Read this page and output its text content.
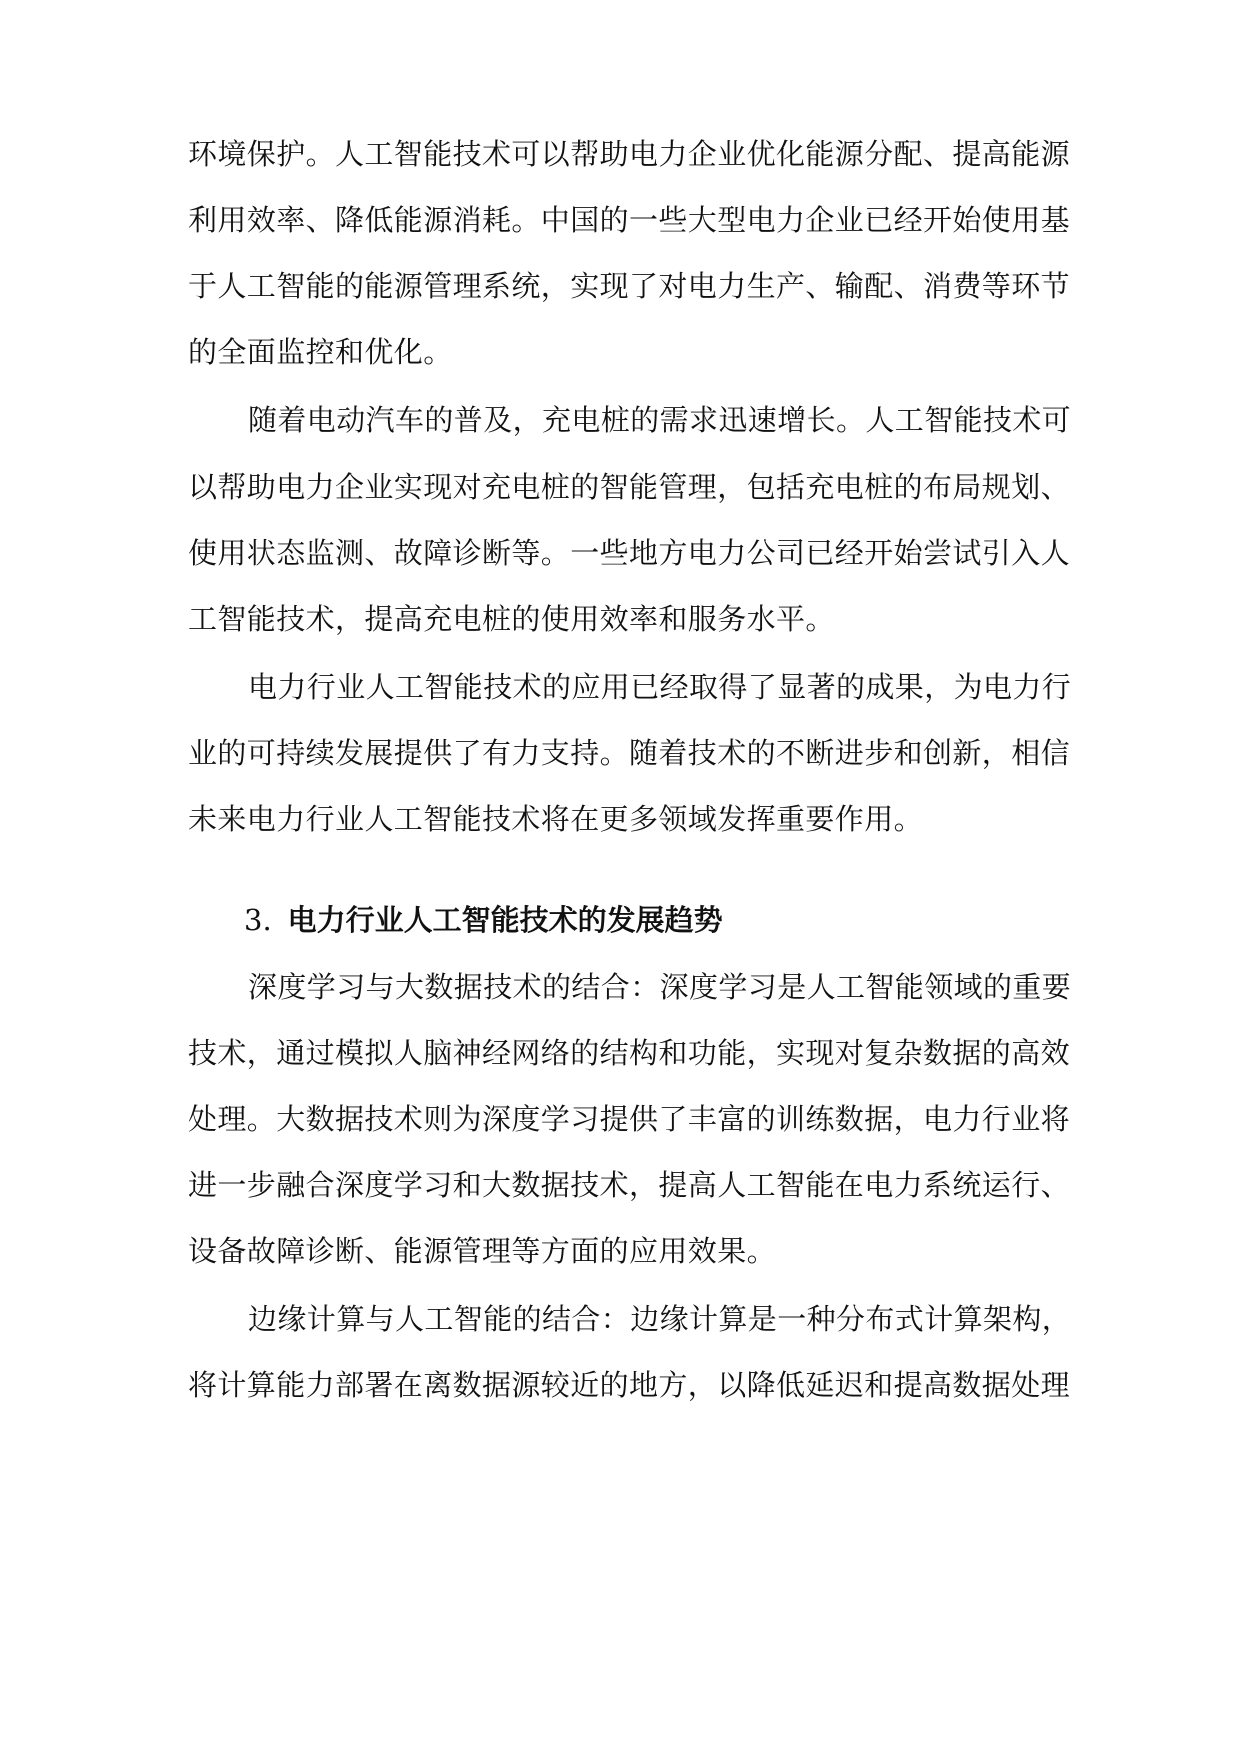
环境保护。人工智能技术可以帮助电力企业优化能源分配、提高能源
利用效率、降低能源消耗。中国的一些大型电力企业已经开始使用基
于人工智能的能源管理系统，实现了对电力生产、输配、消费等环节
的全面监控和优化。
随着电动汽车的普及，充电桩的需求迅速增长。人工智能技术可
以帮助电力企业实现对充电桩的智能管理，包括充电桩的布局规划、
使用状态监测、故障诊断等。一些地方电力公司已经开始尝试引入人
工智能技术，提高充电桩的使用效率和服务水平。
电力行业人工智能技术的应用已经取得了显著的成果，为电力行
业的可持续发展提供了有力支持。随着技术的不断进步和创新，相信
未来电力行业人工智能技术将在更多领域发挥重要作用。
3. 电力行业人工智能技术的发展趋势
深度学习与大数据技术的结合：深度学习是人工智能领域的重要
技术，通过模拟人脑神经网络的结构和功能，实现对复杂数据的高效
处理。大数据技术则为深度学习提供了丰富的训练数据，电力行业将
进一步融合深度学习和大数据技术，提高人工智能在电力系统运行、
设备故障诊断、能源管理等方面的应用效果。
边缘计算与人工智能的结合：边缘计算是一种分布式计算架构，
将计算能力部署在离数据源较近的地方，以降低延迟和提高数据处理
